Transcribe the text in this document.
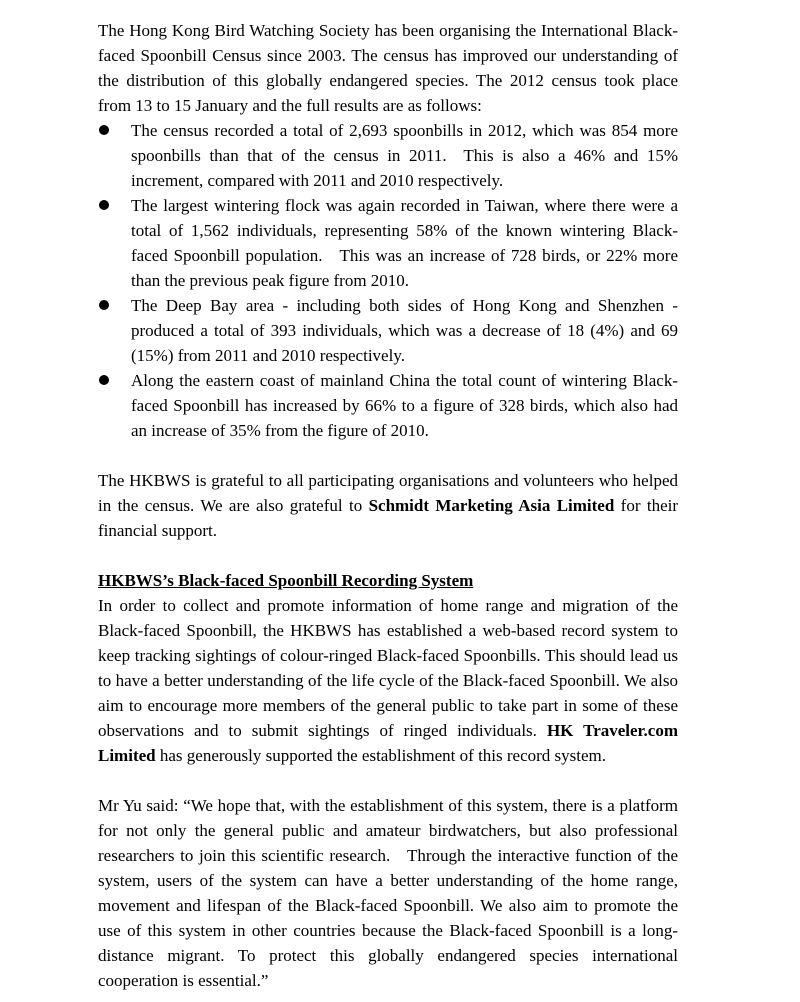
The Hong Kong Bird Watching Society has been organising the International Black-faced Spoonbill Census since 2003. The census has improved our understanding of the distribution of this globally endangered species. The 2012 census took place from 13 to 15 January and the full results are as follows:

The census recorded a total of 2,693 spoonbills in 2012, which was 854 more spoonbills than that of the census in 2011.  This is also a 46% and 15% increment, compared with 2011 and 2010 respectively.
The largest wintering flock was again recorded in Taiwan, where there were a total of 1,562 individuals, representing 58% of the known wintering Black-faced Spoonbill population.   This was an increase of 728 birds, or 22% more than the previous peak figure from 2010.
The Deep Bay area - including both sides of Hong Kong and Shenzhen - produced a total of 393 individuals, which was a decrease of 18 (4%) and 69 (15%) from 2011 and 2010 respectively.
Along the eastern coast of mainland China the total count of wintering Black-faced Spoonbill has increased by 66% to a figure of 328 birds, which also had an increase of 35% from the figure of 2010.

The HKBWS is grateful to all participating organisations and volunteers who helped in the census. We are also grateful to Schmidt Marketing Asia Limited for their financial support.

HKBWS’s Black-faced Spoonbill Recording System

In order to collect and promote information of home range and migration of the Black-faced Spoonbill, the HKBWS has established a web-based record system to keep tracking sightings of colour-ringed Black-faced Spoonbills. This should lead us to have a better understanding of the life cycle of the Black-faced Spoonbill. We also aim to encourage more members of the general public to take part in some of these observations and to submit sightings of ringed individuals. HK Traveler.com Limited has generously supported the establishment of this record system.

Mr Yu said: “We hope that, with the establishment of this system, there is a platform for not only the general public and amateur birdwatchers, but also professional researchers to join this scientific research.   Through the interactive function of the system, users of the system can have a better understanding of the home range, movement and lifespan of the Black-faced Spoonbill. We also aim to promote the use of this system in other countries because the Black-faced Spoonbill is a long-distance migrant. To protect this globally endangered species international cooperation is essential.”
